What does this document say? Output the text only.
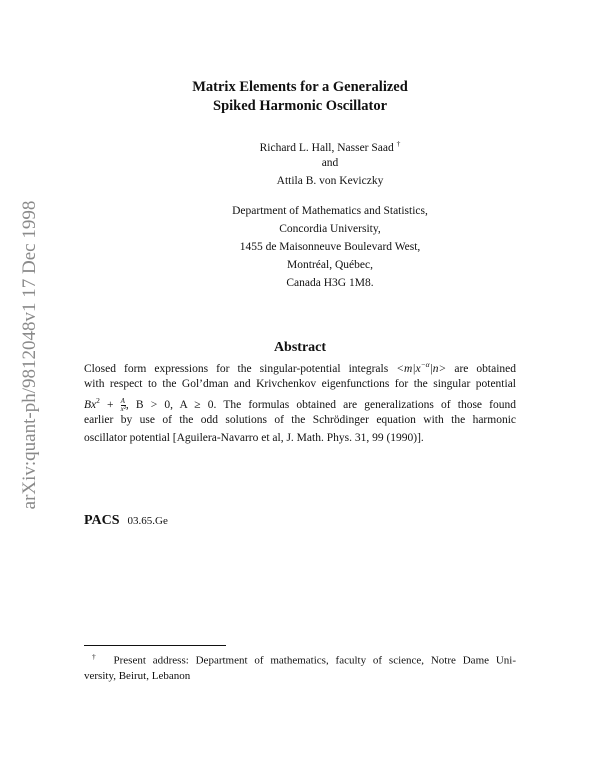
arXiv:quant-ph/9812048v1 17 Dec 1998
Matrix Elements for a Generalized
Spiked Harmonic Oscillator
Richard L. Hall, Nasser Saad †
and
Attila B. von Keviczky
Department of Mathematics and Statistics,
Concordia University,
1455 de Maisonneuve Boulevard West,
Montréal, Québec,
Canada H3G 1M8.
Abstract
Closed form expressions for the singular-potential integrals $<m|x^{-\alpha}|n>$ are obtained
with respect to the Gol’dman and Krivchenkov eigenfunctions for the singular potential
$Bx^2 + \frac{A}{\text{x²}}$ , B > 0, A ≥ 0. The formulas obtained are generalizations of those found
earlier by use of the odd solutions of the Schrödinger equation with the harmonic
oscillator potential [Aguilera-Navarro et al, J. Math. Phys. 31, 99 (1990)].
PACS 03.65.Ge
† Present address: Department of mathematics, faculty of science, Notre Dame Uni-
versity, Beirut, Lebanon
